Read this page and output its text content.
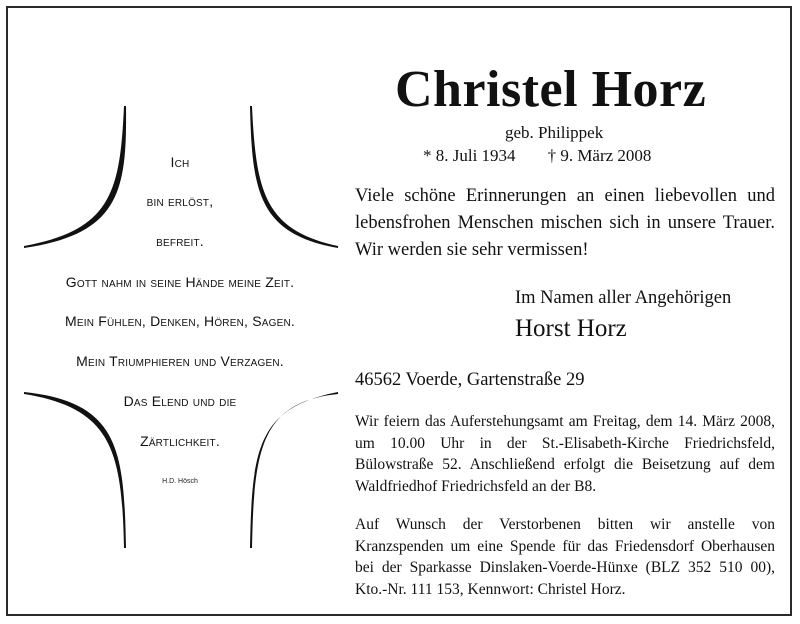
Ich
bin erlöst,
befreit.
Gott nahm in seine Hände meine Zeit.
Mein Fühlen, Denken, Hören, Sagen.
Mein Triumphieren und Verzagen.
Das Elend und die
Zärtlichkeit.
H.D. Hösch
Christel Horz
geb. Philippek
* 8. Juli 1934 † 9. März 2008
Viele schöne Erinnerungen an einen liebevollen und lebensfrohen Menschen mischen sich in unsere Trauer. Wir werden sie sehr vermissen!
Im Namen aller Angehörigen
Horst Horz
46562 Voerde, Gartenstraße 29
Wir feiern das Auferstehungsamt am Freitag, dem 14. März 2008, um 10.00 Uhr in der St.-Elisabeth-Kirche Friedrichsfeld, Bülowstraße 52. Anschließend erfolgt die Beisetzung auf dem Waldfriedhof Friedrichsfeld an der B8.
Auf Wunsch der Verstorbenen bitten wir anstelle von Kranzspenden um eine Spende für das Friedensdorf Oberhausen bei der Sparkasse Dinslaken-Voerde-Hünxe (BLZ 352 510 00), Kto.-Nr. 111 153, Kennwort: Christel Horz.
